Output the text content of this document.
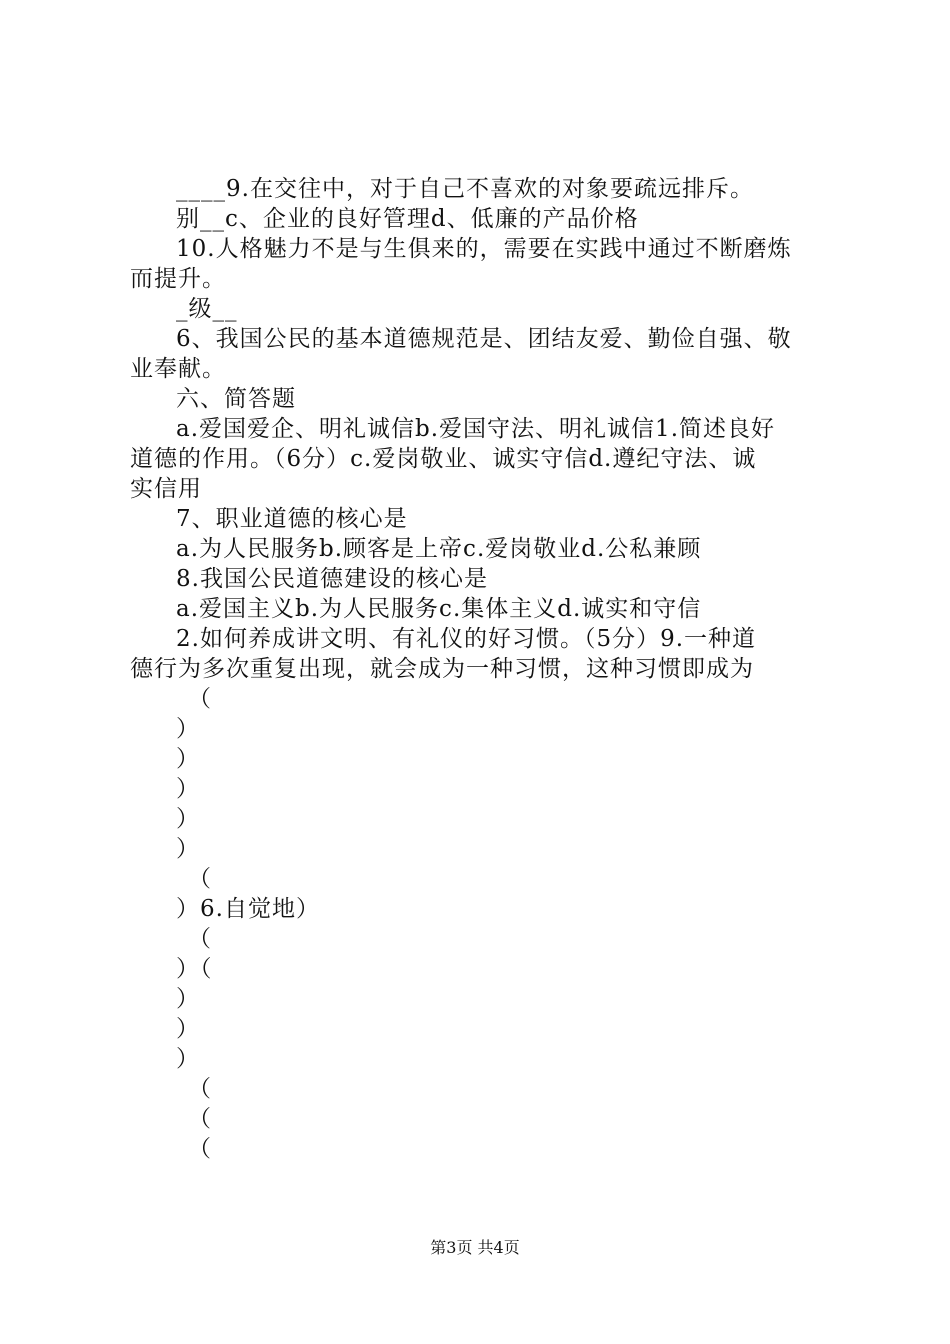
____9.在交往中，对于自己不喜欢的对象要疏远排斥。
别__c、企业的良好管理d、低廉的产品价格
10.人格魅力不是与生俱来的，需要在实践中通过不断磨炼
而提升。
_级__
6、我国公民的基本道德规范是、团结友爱、勤俭自强、敬
业奉献。
六、简答题
a.爱国爱企、明礼诚信b.爱国守法、明礼诚信1.简述良好
道德的作用。（6分）c.爱岗敬业、诚实守信d.遵纪守法、诚
实信用
7、职业道德的核心是
a.为人民服务b.顾客是上帝c.爱岗敬业d.公私兼顾
8.我国公民道德建设的核心是
a.爱国主义b.为人民服务c.集体主义d.诚实和守信
2.如何养成讲文明、有礼仪的好习惯。（5分）9.一种道
德行为多次重复出现，就会成为一种习惯，这种习惯即成为
（
）
）
）
）
）
（
）6.自觉地）
（
）（
）
）
）
（
（
（
第3页 共4页
